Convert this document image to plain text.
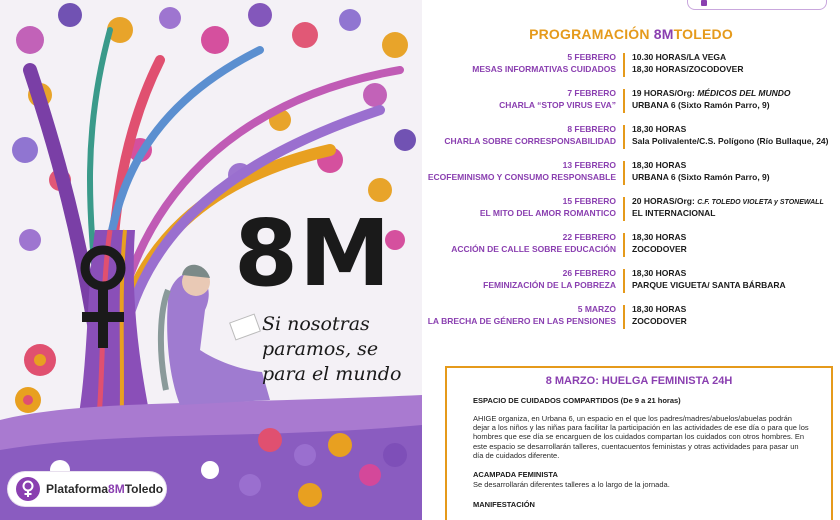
8M
Si nosotras paramos, se para el mundo
Plataforma8MToledo
PROGRAMACIÓN 8MTOLEDO
5 FEBRERO
MESAS INFORMATIVAS CUIDADOS
10.30 HORAS/LA VEGA
18,30 HORAS/ZOCODOVER
7 FEBRERO
CHARLA “STOP VIRUS EVA”
19 HORAS/Org: MÉDICOS DEL MUNDO
URBANA 6 (Sixto Ramón Parro, 9)
8 FEBRERO
CHARLA SOBRE CORRESPONSABILIDAD
18,30 HORAS
Sala Polivalente/C.S. Polígono (Río Bullaque, 24)
13 FEBRERO
ECOFEMINISMO Y CONSUMO RESPONSABLE
18,30 HORAS
URBANA 6 (Sixto Ramón Parro, 9)
15 FEBRERO
EL MITO DEL AMOR ROMANTICO
20 HORAS/Org: C.F. TOLEDO VIOLETA y STONEWALL
EL INTERNACIONAL
22 FEBRERO
ACCIÓN DE CALLE SOBRE EDUCACIÓN
18,30 HORAS
ZOCODOVER
26 FEBRERO
FEMINIZACIÓN DE LA POBREZA
18,30 HORAS
PARQUE VIGUETA/ SANTA BÁRBARA
5 MARZO
LA BRECHA DE GÉNERO EN LAS PENSIONES
18,30 HORAS
ZOCODOVER
8 MARZO: HUELGA FEMINISTA 24H
ESPACIO DE CUIDADOS COMPARTIDOS (De 9 a 21 horas)
AHIGE organiza, en Urbana 6, un espacio en el que los padres/madres/abuelos/abuelas podrán dejar a los niños y las niñas para facilitar la participación en las actividades de ese día o para que los hombres que ese día se encarguen de los cuidados compartan los cuidados con otros hombres. En este espacio se desarrollarán talleres, cuentacuentos feministas y otras actividades para pasar un día de cuidados diferente.
ACAMPADA FEMINISTA
Se desarrollarán diferentes talleres a lo largo de la jornada.
MANIFESTACIÓN
